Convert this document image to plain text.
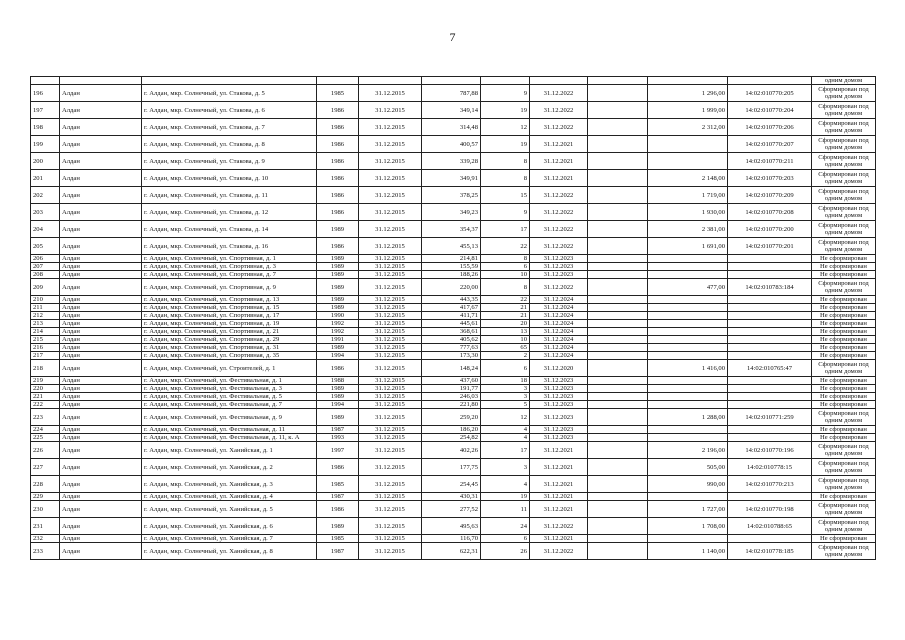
7
											одним домом
196	Алдан	г. Алдан, мкр. Солнечный, ул. Стакова, д. 5	1985	31.12.2015	787,88	9	31.12.2022		1 296,00	14:02:010770:205	Сформирован под одним домом
197	Алдан	г. Алдан, мкр. Солнечный, ул. Стакова, д. 6	1986	31.12.2015	349,14	19	31.12.2022		1 999,00	14:02:010770:204	Сформирован под одним домом
198	Алдан	г. Алдан, мкр. Солнечный, ул. Стакова, д. 7	1986	31.12.2015	314,48	12	31.12.2022		2 312,00	14:02:010770:206	Сформирован под одним домом
199	Алдан	г. Алдан, мкр. Солнечный, ул. Стакова, д. 8	1986	31.12.2015	400,57	19	31.12.2021			14:02:010770:207	Сформирован под одним домом
200	Алдан	г. Алдан, мкр. Солнечный, ул. Стакова, д. 9	1986	31.12.2015	339,28	8	31.12.2021			14:02:010770:211	Сформирован под одним домом
201	Алдан	г. Алдан, мкр. Солнечный, ул. Стакова, д. 10	1986	31.12.2015	349,91	8	31.12.2021		2 148,00	14:02:010770:203	Сформирован под одним домом
202	Алдан	г. Алдан, мкр. Солнечный, ул. Стакова, д. 11	1986	31.12.2015	378,25	15	31.12.2022		1 719,00	14:02:010770:209	Сформирован под одним домом
203	Алдан	г. Алдан, мкр. Солнечный, ул. Стакова, д. 12	1986	31.12.2015	349,23	9	31.12.2022		1 930,00	14:02:010770:208	Сформирован под одним домом
204	Алдан	г. Алдан, мкр. Солнечный, ул. Стакова, д. 14	1989	31.12.2015	354,37	17	31.12.2022		2 381,00	14:02:010770:200	Сформирован под одним домом
205	Алдан	г. Алдан, мкр. Солнечный, ул. Стакова, д. 16	1986	31.12.2015	455,13	22	31.12.2022		1 691,00	14:02:010770:201	Сформирован под одним домом
206	Алдан	г. Алдан, мкр. Солнечный, ул. Спортивная, д. 1	1989	31.12.2015	214,81	8	31.12.2023				Не сформирован
207	Алдан	г. Алдан, мкр. Солнечный, ул. Спортивная, д. 3	1989	31.12.2015	155,59	6	31.12.2023				Не сформирован
208	Алдан	г. Алдан, мкр. Солнечный, ул. Спортивная, д. 7	1989	31.12.2015	188,26	10	31.12.2023				Не сформирован
209	Алдан	г. Алдан, мкр. Солнечный, ул. Спортивная, д. 9	1989	31.12.2015	220,00	8	31.12.2022		477,00	14:02:010783:184	Сформирован под одним домом
210	Алдан	г. Алдан, мкр. Солнечный, ул. Спортивная, д. 13	1989	31.12.2015	443,35	22	31.12.2024				Не сформирован
211	Алдан	г. Алдан, мкр. Солнечный, ул. Спортивная, д. 15	1989	31.12.2015	417,67	21	31.12.2024				Не сформирован
212	Алдан	г. Алдан, мкр. Солнечный, ул. Спортивная, д. 17	1990	31.12.2015	411,71	21	31.12.2024				Не сформирован
213	Алдан	г. Алдан, мкр. Солнечный, ул. Спортивная, д. 19	1992	31.12.2015	445,61	20	31.12.2024				Не сформирован
214	Алдан	г. Алдан, мкр. Солнечный, ул. Спортивная, д. 21	1992	31.12.2015	368,61	13	31.12.2024				Не сформирован
215	Алдан	г. Алдан, мкр. Солнечный, ул. Спортивная, д. 29	1991	31.12.2015	405,62	10	31.12.2024				Не сформирован
216	Алдан	г. Алдан, мкр. Солнечный, ул. Спортивная, д. 31	1989	31.12.2015	777,63	65	31.12.2024				Не сформирован
217	Алдан	г. Алдан, мкр. Солнечный, ул. Спортивная, д. 35	1994	31.12.2015	173,30	2	31.12.2024				Не сформирован
218	Алдан	г. Алдан, мкр. Солнечный, ул. Строителей, д. 1	1986	31.12.2015	148,24	6	31.12.2020		1 416,00	14:02:010765:47	Сформирован под одним домом
219	Алдан	г. Алдан, мкр. Солнечный, ул. Фестивальная, д. 1	1988	31.12.2015	437,60	18	31.12.2023				Не сформирован
220	Алдан	г. Алдан, мкр. Солнечный, ул. Фестивальная, д. 3	1989	31.12.2015	191,77	3	31.12.2023				Не сформирован
221	Алдан	г. Алдан, мкр. Солнечный, ул. Фестивальная, д. 5	1989	31.12.2015	246,03	3	31.12.2023				Не сформирован
222	Алдан	г. Алдан, мкр. Солнечный, ул. Фестивальная, д. 7	1994	31.12.2015	221,80	5	31.12.2023				Не сформирован
223	Алдан	г. Алдан, мкр. Солнечный, ул. Фестивальная, д. 9	1989	31.12.2015	259,20	12	31.12.2023		1 288,00	14:02:010771:259	Сформирован под одним домом
224	Алдан	г. Алдан, мкр. Солнечный, ул. Фестивальная, д. 11	1987	31.12.2015	186,20	4	31.12.2023				Не сформирован
225	Алдан	г. Алдан, мкр. Солнечный, ул. Фестивальная, д. 11, к. А	1993	31.12.2015	254,82	4	31.12.2023				Не сформирован
226	Алдан	г. Алдан, мкр. Солнечный, ул. Ханийская, д. 1	1997	31.12.2015	402,26	17	31.12.2021		2 196,00	14:02:010770:196	Сформирован под одним домом
227	Алдан	г. Алдан, мкр. Солнечный, ул. Ханийская, д. 2	1986	31.12.2015	177,75	3	31.12.2021		505,00	14:02:010778:15	Сформирован под одним домом
228	Алдан	г. Алдан, мкр. Солнечный, ул. Ханийская, д. 3	1985	31.12.2015	254,45	4	31.12.2021		990,00	14:02:010770:213	Сформирован под одним домом
229	Алдан	г. Алдан, мкр. Солнечный, ул. Ханийская, д. 4	1987	31.12.2015	430,31	19	31.12.2021				Не сформирован
230	Алдан	г. Алдан, мкр. Солнечный, ул. Ханийская, д. 5	1986	31.12.2015	277,52	11	31.12.2021		1 727,00	14:02:010770:198	Сформирован под одним домом
231	Алдан	г. Алдан, мкр. Солнечный, ул. Ханийская, д. 6	1989	31.12.2015	495,63	24	31.12.2022		1 708,00	14:02:010788:65	Сформирован под одним домом
232	Алдан	г. Алдан, мкр. Солнечный, ул. Ханийская, д. 7	1985	31.12.2015	116,70	6	31.12.2021				Не сформирован
233	Алдан	г. Алдан, мкр. Солнечный, ул. Ханийская, д. 8	1987	31.12.2015	622,31	26	31.12.2022		1 140,00	14:02:010778:185	Сформирован под одним домом
